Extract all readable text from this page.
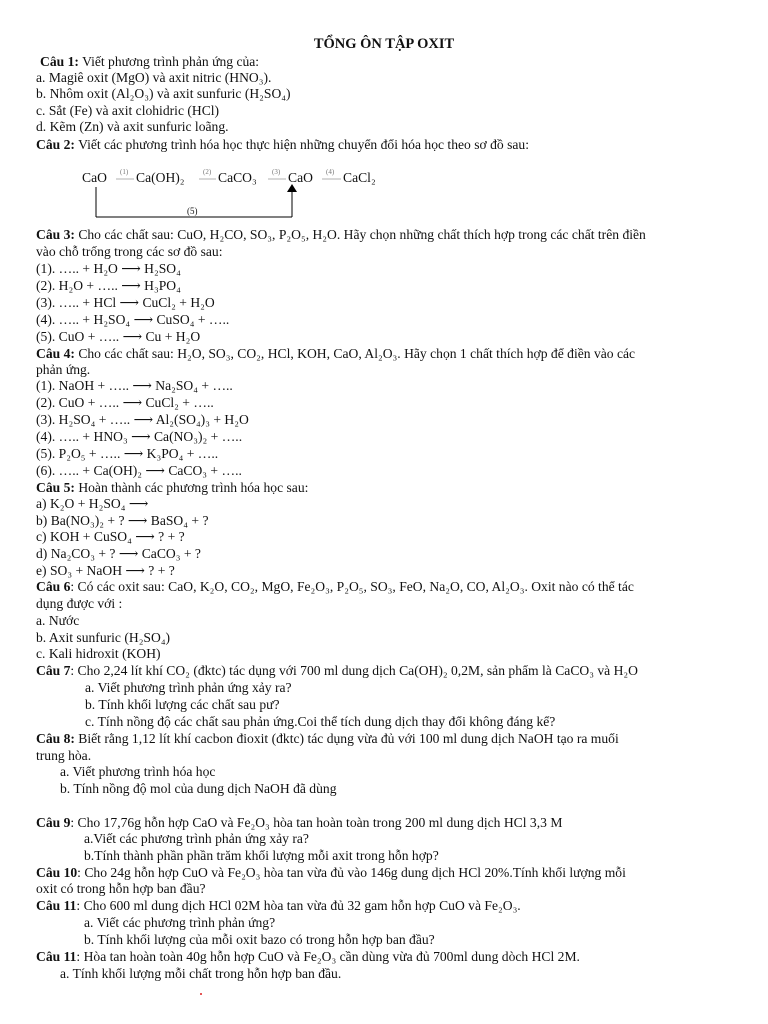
TỔNG ÔN TẬP OXIT
Câu 1: Viết phương trình phản ứng của:
a. Magiê oxit (MgO) và axit nitric (HNO₃).
b. Nhôm oxit (Al₂O₃) và axit sunfuric (H₂SO₄)
c. Sắt (Fe) và axit clohidric (HCl)
d. Kẽm (Zn) và axit sunfuric loãng.
Câu 2: Viết các phương trình hóa học thực hiện những chuyển đổi hóa học theo sơ đồ sau:
CaO Ca(OH)₂ CaCO₃ CaO CaCl₂
(1)	(2)	(3)	(4)
(5)
Câu 3: Cho các chất sau: CuO, H₂CO, SO₃, P₂O₅, H₂O. Hãy chọn những chất thích hợp trong các chất trên điền
vào chỗ trống trong các sơ đồ sau:
(1). ….. + H₂O ⟶ H₂SO₄
(2). H₂O + ….. ⟶ H₃PO₄
(3). ….. + HCl ⟶ CuCl₂ + H₂O
(4). ….. + H₂SO₄ ⟶ CuSO₄ + …..
(5). CuO + ….. ⟶ Cu + H₂O
Câu 4: Cho các chất sau: H₂O, SO₃, CO₂, HCl, KOH, CaO, Al₂O₃. Hãy chọn 1 chất thích hợp để điền vào các
phản ứng.
(1). NaOH + ….. ⟶ Na₂SO₄ + …..
(2). CuO + ….. ⟶ CuCl₂ + …..
(3). H₂SO₄ + ….. ⟶ Al₂(SO₄)₃ + H₂O
(4). ….. + HNO₃ ⟶ Ca(NO₃)₂ + …..
(5). P₂O₅ + ….. ⟶ K₃PO₄ + …..
(6). ….. + Ca(OH)₂ ⟶ CaCO₃ + …..
Câu 5: Hoàn thành các phương trình hóa học sau:
a) K₂O + H₂SO₄ ⟶
b) Ba(NO₃)₂ + ? ⟶ BaSO₄ + ?
c) KOH + CuSO₄ ⟶ ? + ?
d) Na₂CO₃ + ? ⟶ CaCO₃ + ?
e) SO₃ + NaOH ⟶ ? + ?
Câu 6: Có các oxit sau: CaO, K₂O, CO₂, MgO, Fe₂O₃, P₂O₅, SO₃, FeO, Na₂O, CO, Al₂O₃. Oxit nào có thể tác
dụng được với :
a. Nước
b. Axit sunfuric (H₂SO₄)
c. Kali hidroxit (KOH)
Câu 7: Cho 2,24 lít khí CO₂ (đktc) tác dụng với 700 ml dung dịch Ca(OH)₂ 0,2M, sản phẩm là CaCO₃ và H₂O
a. Viết phương trình phản ứng xảy ra?
b. Tính khối lượng các chất sau pư?
c. Tính nồng độ các chất sau phản ứng.Coi thể tích dung dịch thay đổi không đáng kể?
Câu 8: Biết rằng 1,12 lít khí cacbon đioxit (đktc) tác dụng vừa đủ với 100 ml dung dịch NaOH tạo ra muối
trung hòa.
a. Viết phương trình hóa học
b. Tính nồng độ mol của dung dịch NaOH đã dùng
Câu 9: Cho 17,76g hỗn hợp CaO và Fe₂O₃ hòa tan hoàn toàn trong 200 ml dung dịch HCl 3,3 M
a.Viết các phương trình phản ứng xảy ra?
b.Tính thành phần phần trăm khối lượng mỗi axit trong hỗn hợp?
Câu 10: Cho 24g hỗn hợp CuO và Fe₂O₃ hòa tan vừa đủ vào 146g dung dịch HCl 20%.Tính khối lượng mỗi
oxit có trong hỗn hợp ban đầu?
Câu 11: Cho 600 ml dung dịch HCl 02M hòa tan vừa đủ 32 gam hỗn hợp CuO và Fe₂O₃.
a. Viết các phương trình phản ứng?
b. Tính khối lượng của mỗi oxit bazo có trong hỗn hợp ban đầu?
Câu 11: Hòa tan hoàn toàn 40g hỗn hợp CuO và Fe₂O₃ cần dùng vừa đủ 700ml dung dòch HCl 2M.
a. Tính khối lượng mỗi chất trong hỗn hợp ban đầu.
